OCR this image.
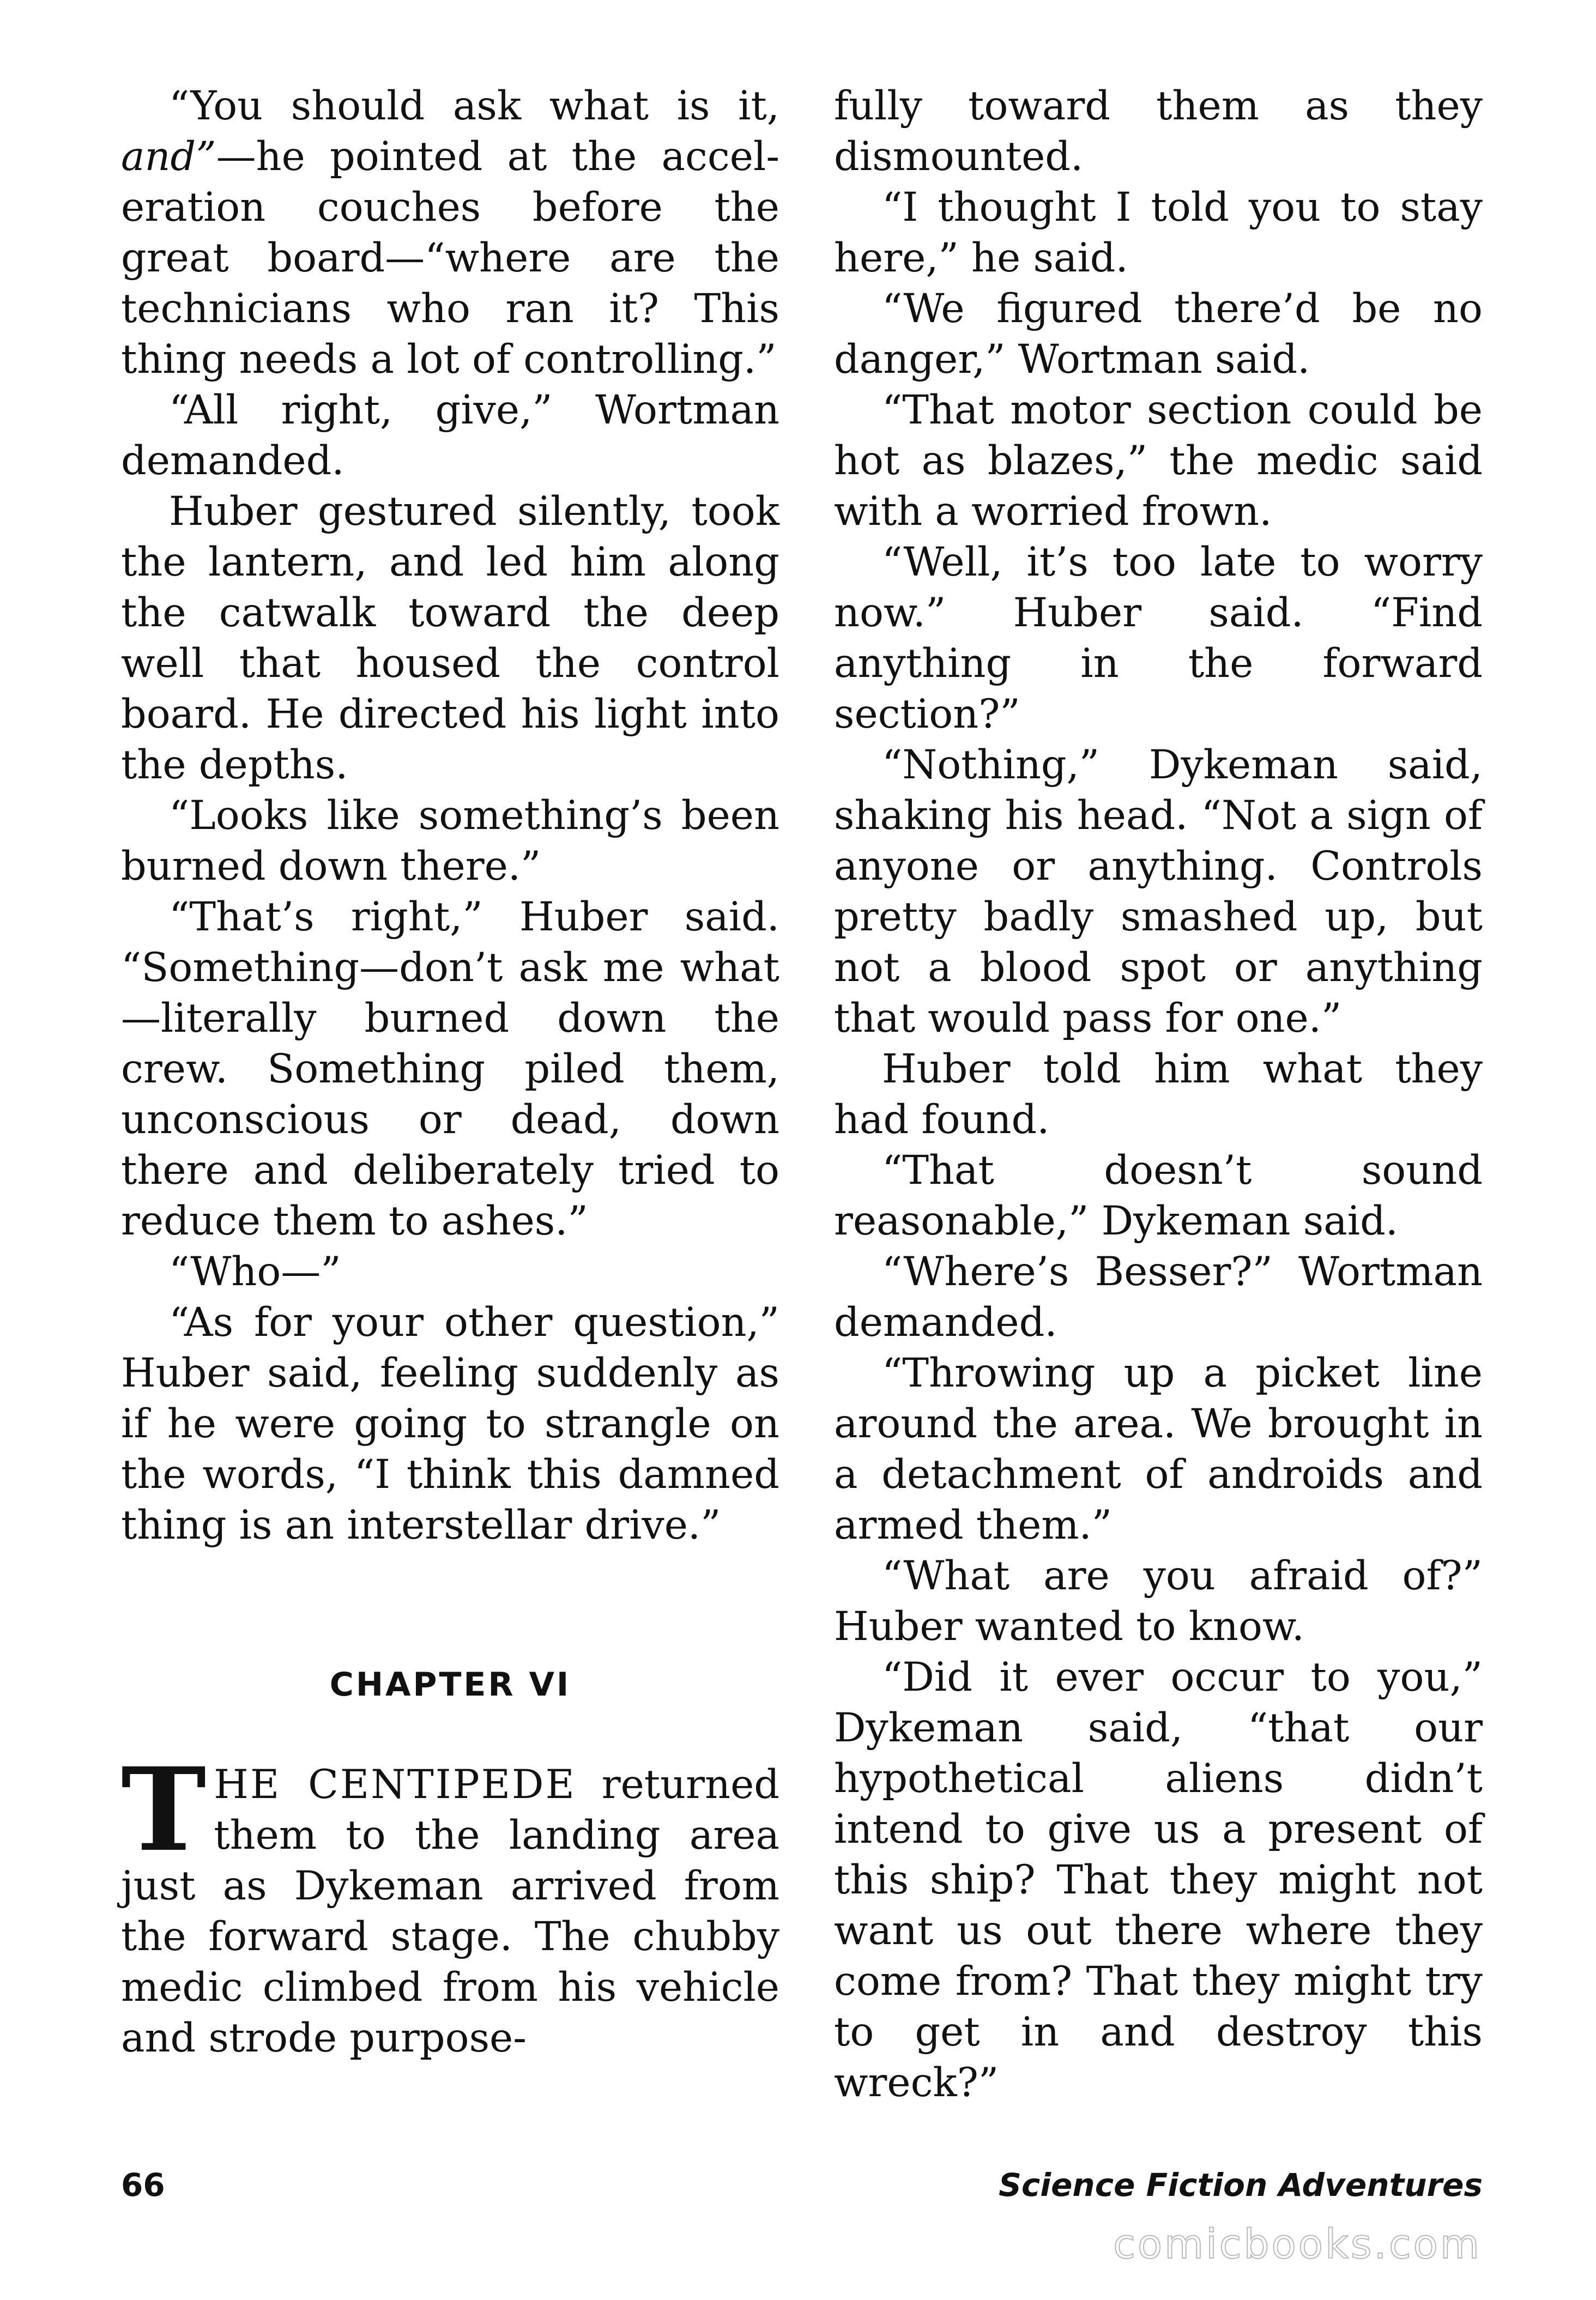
“You should ask what is it, and”—he pointed at the accel-eration couches before the great board—“where are the technicians who ran it? This thing needs a lot of controlling.”

“All right, give,” Wortman demanded.

Huber gestured silently, took the lantern, and led him along the catwalk toward the deep well that housed the control board. He directed his light into the depths.

“Looks like something’s been burned down there.”

“That’s right,” Huber said. “Something—don’t ask me what—literally burned down the crew. Something piled them, unconscious or dead, down there and deliberately tried to reduce them to ashes.”

“Who—”

“As for your other question,” Huber said, feeling suddenly as if he were going to strangle on the words, “I think this damned thing is an interstellar drive.”

CHAPTER VI

THE CENTIPEDE returned them to the landing area just as Dykeman arrived from the forward stage. The chubby medic climbed from his vehicle and strode purpose-

fully toward them as they dismounted.

“I thought I told you to stay here,” he said.

“We figured there’d be no danger,” Wortman said.

“That motor section could be hot as blazes,” the medic said with a worried frown.

“Well, it’s too late to worry now.” Huber said. “Find anything in the forward section?”

“Nothing,” Dykeman said, shaking his head. “Not a sign of anyone or anything. Controls pretty badly smashed up, but not a blood spot or anything that would pass for one.”

Huber told him what they had found.

“That doesn’t sound reasonable,” Dykeman said.

“Where’s Besser?” Wortman demanded.

“Throwing up a picket line around the area. We brought in a detachment of androids and armed them.”

“What are you afraid of?” Huber wanted to know.

“Did it ever occur to you,” Dykeman said, “that our hypothetical aliens didn’t intend to give us a present of this ship? That they might not want us out there where they come from? That they might try to get in and destroy this wreck?”

66	Science Fiction Adventures
comicbooks.com
